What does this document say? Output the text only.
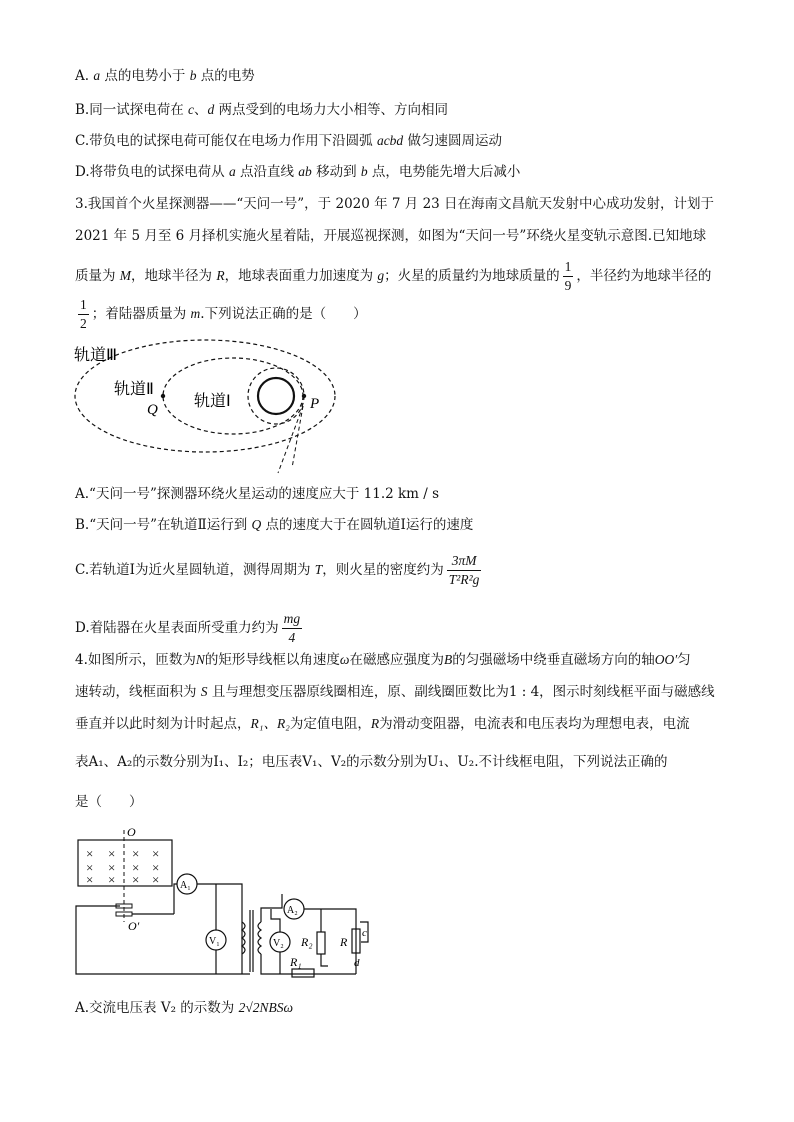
A. a 点的电势小于 b 点的电势
B.同一试探电荷在 c、d 两点受到的电场力大小相等、方向相同
C.带负电的试探电荷可能仅在电场力作用下沿圆弧 acbd 做匀速圆周运动
D.将带负电的试探电荷从 a 点沿直线 ab 移动到 b 点，电势能先增大后减小
3.我国首个火星探测器——“天问一号”，于 2020 年 7 月 23 日在海南文昌航天发射中心成功发射，计划于
2021 年 5 月至 6 月择机实施火星着陆，开展巡视探测，如图为“天问一号”环绕火星变轨示意图.已知地球
质量为 M，地球半径为 R，地球表面重力加速度为 g；火星的质量约为地球质量的 $\frac{1}{9}$ ，半径约为地球半径的
$\frac{1}{2}$ ；着陆器质量为 m.下列说法正确的是（　　）
轨道Ⅲ
轨道Ⅱ
轨道Ⅰ
Q	P
A.“天问一号”探测器环绕火星运动的速度应大于 11.2 km / s
B.“天问一号”在轨道Ⅱ运行到 Q 点的速度大于在圆轨道Ⅰ运行的速度
C.若轨道Ⅰ为近火星圆轨道，测得周期为 T，则火星的密度约为 $\frac{3\pi M}{\text{T²R²g}}$
D.着陆器在火星表面所受重力约为 $\frac{mg}{4}$
4.如图所示，匝数为N的矩形导线框以角速度ω在磁感应强度为B的匀强磁场中绕垂直磁场方向的轴OO′匀
速转动，线框面积为 S 且与理想变压器原线圈相连，原、副线圈匝数比为1 : 4，图示时刻线框平面与磁感线
垂直并以此时刻为计时起点，R₁、R₂为定值电阻，R为滑动变阻器，电流表和电压表均为理想电表，电流
表A₁、A₂的示数分别为I₁、I₂；电压表V₁、V₂的示数分别为U₁、U₂.不计线框电阻，下列说法正确的
是（　　）
× × × ×
× × × ×
× × × ×
O
O′
A₁
V₁
A₂
V₂ R₂
R₁
R
c
d
A.交流电压表 V₂ 的示数为 2√2NBSω
